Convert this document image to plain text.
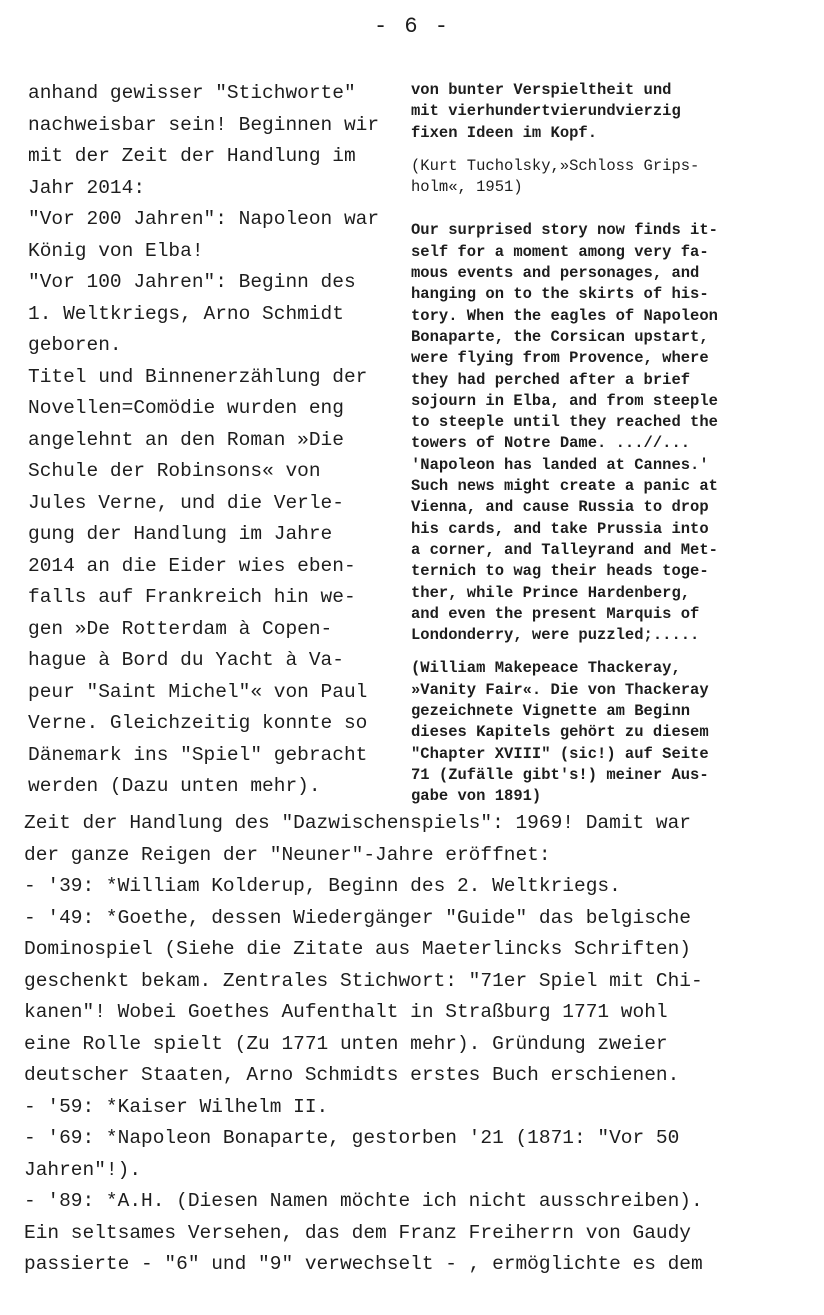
- 6 -
anhand gewisser "Stichworte"
nachweisbar sein! Beginnen wir
mit der Zeit der Handlung im
Jahr 2014:
"Vor 200 Jahren": Napoleon war
König von Elba!
"Vor 100 Jahren": Beginn des
1. Weltkriegs, Arno Schmidt
geboren.
Titel und Binnenerzählung der
Novellen=Comödie wurden eng
angelehnt an den Roman »Die
Schule der Robinsons« von
Jules Verne, und die Verle-
gung der Handlung im Jahre
2014 an die Eider wies eben-
falls auf Frankreich hin we-
gen »De Rotterdam à Copen-
hague à Bord du Yacht à Va-
peur "Saint Michel"« von Paul
Verne. Gleichzeitig konnte so
Dänemark ins "Spiel" gebracht
werden (Dazu unten mehr).
von bunter Verspieltheit und
mit vierhundertvierundvierzig
fixen Ideen im Kopf.
(Kurt Tucholsky,»Schloss Grips-
holm«, 1951)
Our surprised story now finds it-
self for a moment among very fa-
mous events and personages, and
hanging on to the skirts of his-
tory. When the eagles of Napoleon
Bonaparte, the Corsican upstart,
were flying from Provence, where
they had perched after a brief
sojourn in Elba, and from steeple
to steeple until they reached the
towers of Notre Dame. ...//...
'Napoleon has landed at Cannes.'
Such news might create a panic at
Vienna, and cause Russia to drop
his cards, and take Prussia into
a corner, and Talleyrand and Met-
ternich to wag their heads toge-
ther, while Prince Hardenberg,
and even the present Marquis of
Londonderry, were puzzled;.....
(William Makepeace Thackeray,
»Vanity Fair«. Die von Thackeray
gezeichnete Vignette am Beginn
dieses Kapitels gehört zu diesem
"Chapter XVIII" (sic!) auf Seite
71 (Zufälle gibt's!) meiner Aus-
gabe von 1891)
Zeit der Handlung des "Dazwischenspiels": 1969! Damit war
der ganze Reigen der "Neuner"-Jahre eröffnet:
- '39: *William Kolderup, Beginn des 2. Weltkriegs.
- '49: *Goethe, dessen Wiedergänger "Guide" das belgische
Dominospiel (Siehe die Zitate aus Maeterlincks Schriften)
geschenkt bekam. Zentrales Stichwort: "71er Spiel mit Chi-
kanen"! Wobei Goethes Aufenthalt in Straßburg 1771 wohl
eine Rolle spielt (Zu 1771 unten mehr). Gründung zweier
deutscher Staaten, Arno Schmidts erstes Buch erschienen.
- '59: *Kaiser Wilhelm II.
- '69: *Napoleon Bonaparte, gestorben '21 (1871: "Vor 50
Jahren"!).
- '89: *A.H. (Diesen Namen möchte ich nicht ausschreiben).
Ein seltsames Versehen, das dem Franz Freiherrn von Gaudy
passierte - "6" und "9" verwechselt - , ermöglichte es dem
